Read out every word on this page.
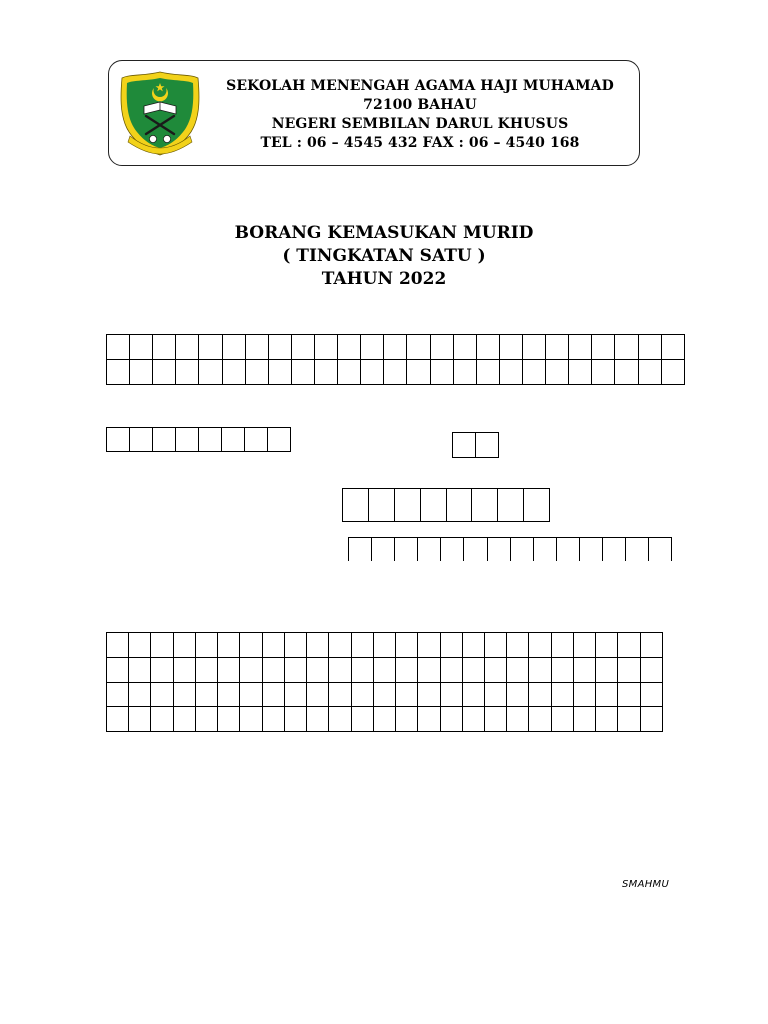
SEKOLAH MENENGAH AGAMA HAJI MUHAMAD
72100 BAHAU
NEGERI SEMBILAN DARUL KHUSUS
TEL : 06 – 4545 432 FAX : 06 – 4540 168
BORANG KEMASUKAN MURID
( TINGKATAN SATU )
TAHUN 2022

SMAHMU
